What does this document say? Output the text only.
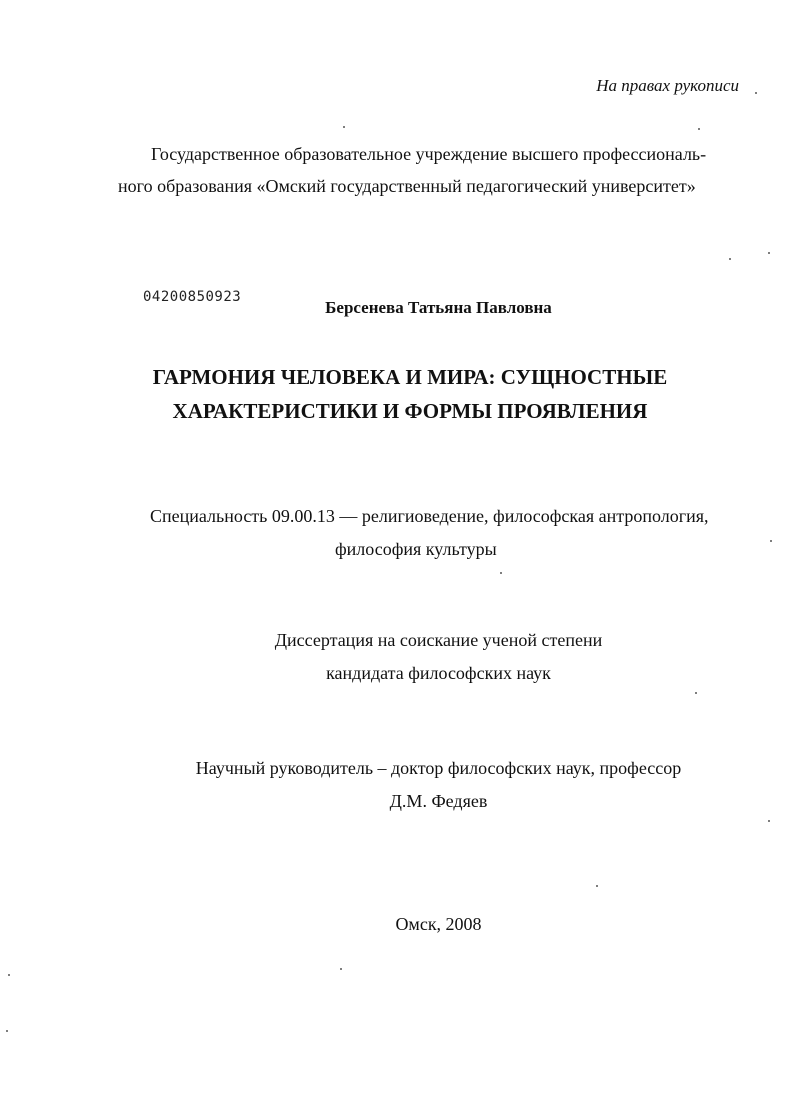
На правах рукописи
Государственное образовательное учреждение высшего профессиональ-
ного образования «Омский государственный педагогический университет»
04200850923
Берсенева Татьяна Павловна
ГАРМОНИЯ ЧЕЛОВЕКА И МИРА: СУЩНОСТНЫЕ
ХАРАКТЕРИСТИКИ И ФОРМЫ ПРОЯВЛЕНИЯ
Специальность 09.00.13 — религиоведение, философская антропология,
философия культуры
Диссертация на соискание ученой степени
кандидата философских наук
Научный руководитель – доктор философских наук, профессор
Д.М. Федяев
Омск, 2008
